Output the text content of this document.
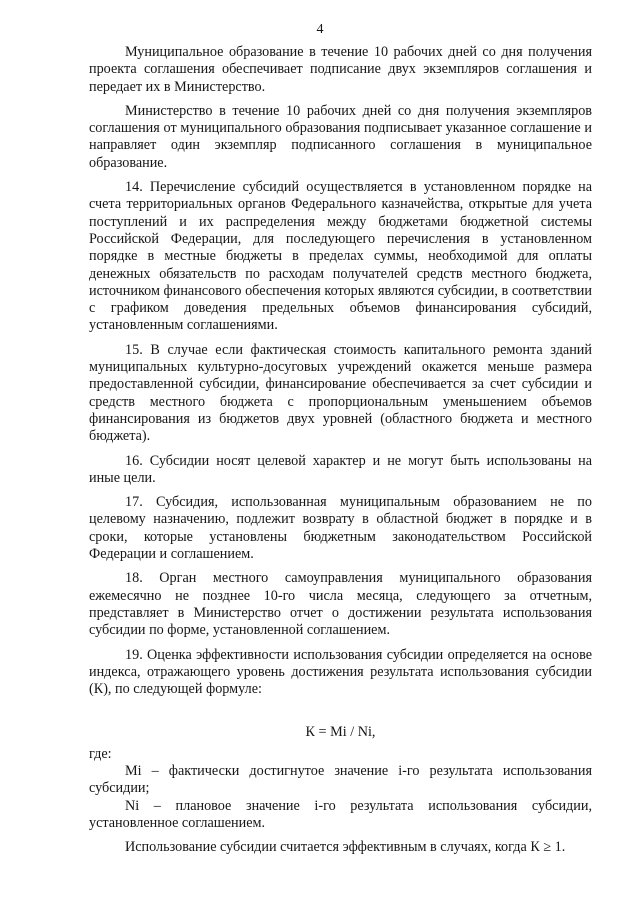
4

Муниципальное образование в течение 10 рабочих дней со дня получения проекта соглашения обеспечивает подписание двух экземпляров соглашения и передает их в Министерство.

Министерство в течение 10 рабочих дней со дня получения экземпляров соглашения от муниципального образования подписывает указанное соглашение и направляет один экземпляр подписанного соглашения в муниципальное образование.

14. Перечисление субсидий осуществляется в установленном порядке на счета территориальных органов Федерального казначейства, открытые для учета поступлений и их распределения между бюджетами бюджетной системы Российской Федерации, для последующего перечисления в установленном порядке в местные бюджеты в пределах суммы, необходимой для оплаты денежных обязательств по расходам получателей средств местного бюджета, источником финансового обеспечения которых являются субсидии, в соответствии с графиком доведения предельных объемов финансирования субсидий, установленным соглашениями.

15. В случае если фактическая стоимость капитального ремонта зданий муниципальных культурно-досуговых учреждений окажется меньше размера предоставленной субсидии, финансирование обеспечивается за счет субсидии и средств местного бюджета с пропорциональным уменьшением объемов финансирования из бюджетов двух уровней (областного бюджета и местного бюджета).

16. Субсидии носят целевой характер и не могут быть использованы на иные цели.

17. Субсидия, использованная муниципальным образованием не по целевому назначению, подлежит возврату в областной бюджет в порядке и в сроки, которые установлены бюджетным законодательством Российской Федерации и соглашением.

18. Орган местного самоуправления муниципального образования ежемесячно не позднее 10-го числа месяца, следующего за отчетным, представляет в Министерство отчет о достижении результата использования субсидии по форме, установленной соглашением.

19. Оценка эффективности использования субсидии определяется на основе индекса, отражающего уровень достижения результата использования субсидии (К), по следующей формуле:

К = Mi / Ni,

где:

Mi – фактически достигнутое значение i-го результата использования субсидии;

Ni – плановое значение i-го результата использования субсидии, установленное соглашением.

Использование субсидии считается эффективным в случаях, когда К ≥ 1.
